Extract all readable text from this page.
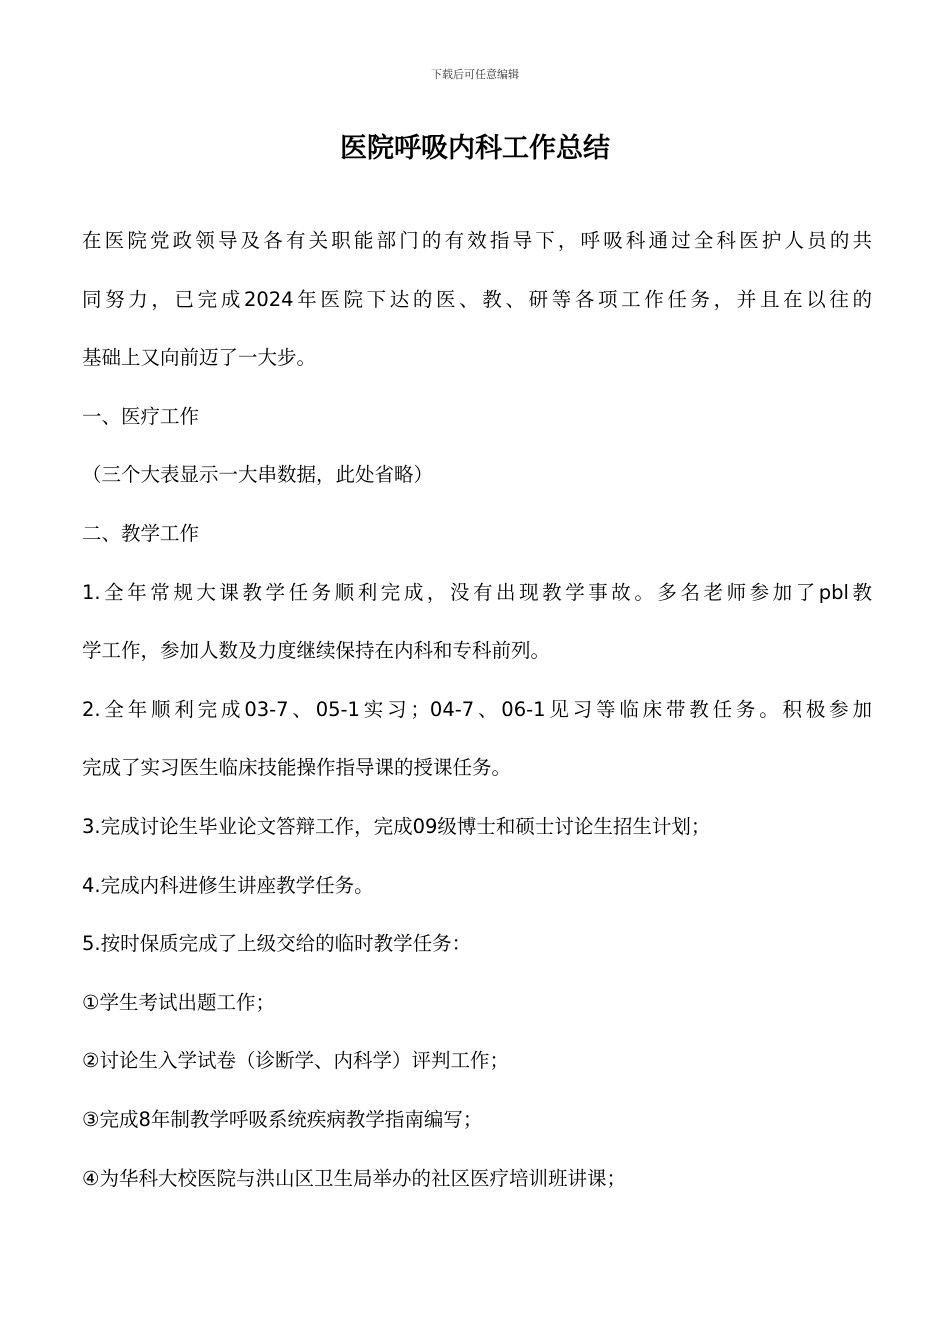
下载后可任意编辑
医院呼吸内科工作总结
在医院党政领导及各有关职能部门的有效指导下，呼吸科通过全科医护人员的共
同努力，已完成2024年医院下达的医、教、研等各项工作任务，并且在以往的
基础上又向前迈了一大步。
一、医疗工作
（三个大表显示一大串数据，此处省略）
二、教学工作
1.全年常规大课教学任务顺利完成，没有出现教学事故。多名老师参加了pbl教
学工作，参加人数及力度继续保持在内科和专科前列。
2.全年顺利完成03-7、05-1实习；04-7、06-1见习等临床带教任务。积极参加
完成了实习医生临床技能操作指导课的授课任务。
3.完成讨论生毕业论文答辩工作，完成09级博士和硕士讨论生招生计划；
4.完成内科进修生讲座教学任务。
5.按时保质完成了上级交给的临时教学任务：
①学生考试出题工作；
②讨论生入学试卷（诊断学、内科学）评判工作；
③完成8年制教学呼吸系统疾病教学指南编写；
④为华科大校医院与洪山区卫生局举办的社区医疗培训班讲课；
